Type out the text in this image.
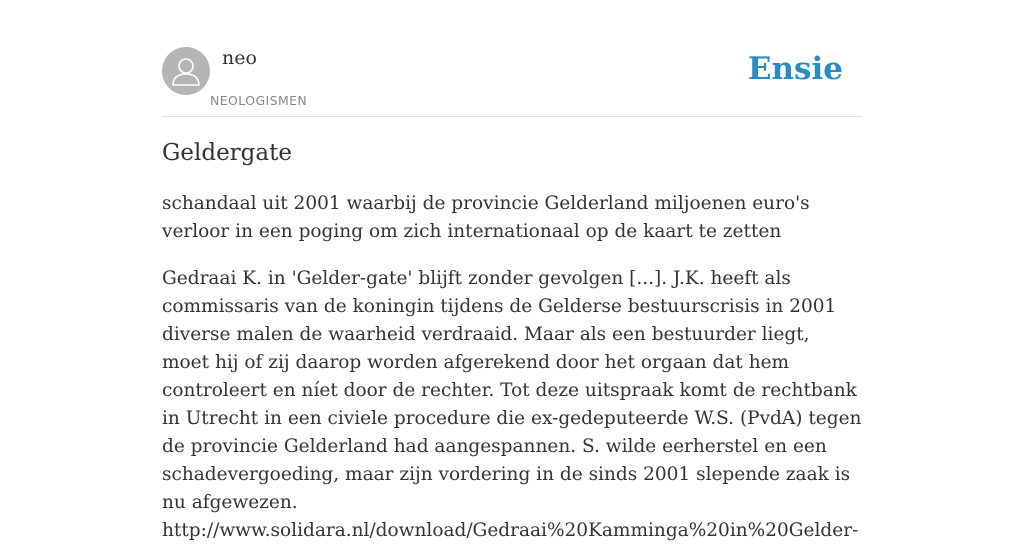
neo
NEOLOGISMEN
Ensie
Geldergate

schandaal uit 2001 waarbij de provincie Gelderland miljoenen euro's verloor in een poging om zich internationaal op de kaart te zetten

Gedraai K. in 'Gelder-gate' blijft zonder gevolgen [...]. J.K. heeft als commissaris van de koningin tijdens de Gelderse bestuurscrisis in 2001 diverse malen de waarheid verdraaid. Maar als een bestuurder liegt, moet hij of zij daarop worden afgerekend door het orgaan dat hem controleert en níet door de rechter. Tot deze uitspraak komt de rechtbank in Utrecht in een civiele procedure die ex-gedeputeerde W.S. (PvdA) tegen de provincie Gelderland had aangespannen. S. wilde eerherstel en een schadevergoeding, maar zijn vordering in de sinds 2001 slepende zaak is nu afgewezen.
http://www.solidara.nl/download/Gedraai%20Kamminga%20in%20Gelder-
